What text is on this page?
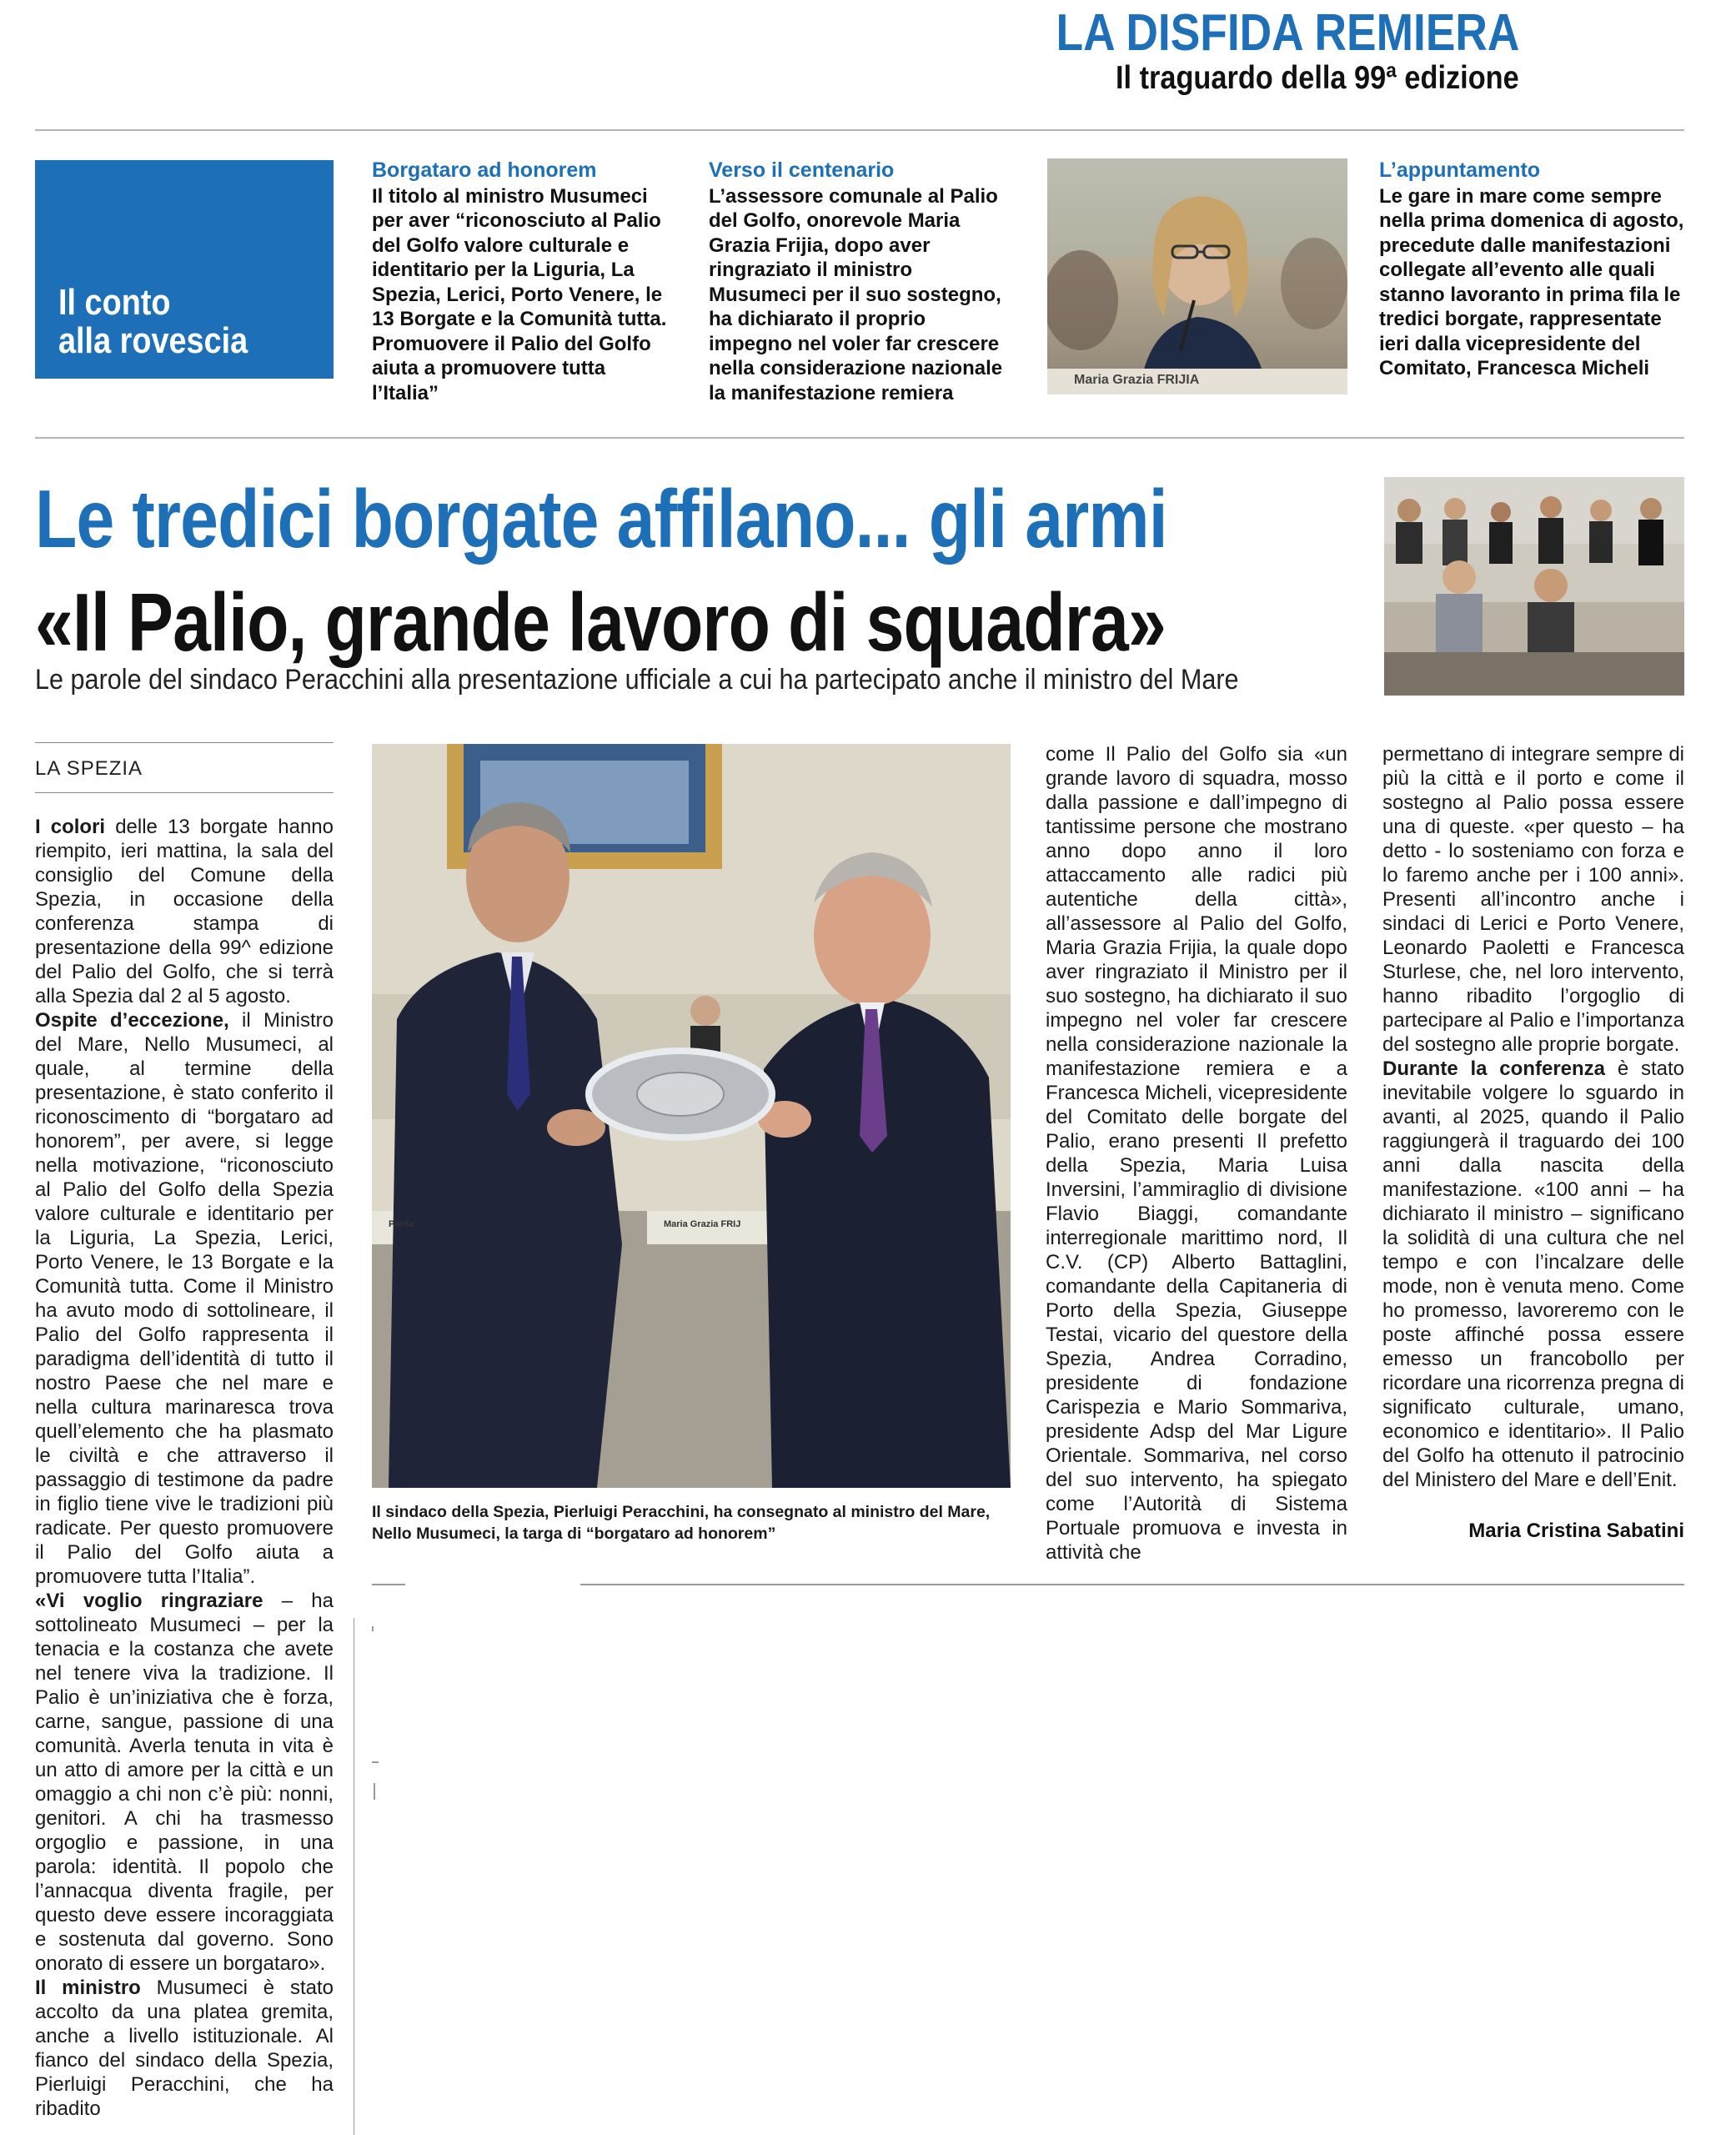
LA DISFIDA REMIERA
Il traguardo della 99ª edizione
Il conto
alla rovescia
Borgataro ad honorem
Il titolo al ministro Musumeci per aver “riconosciuto al Palio del Golfo valore culturale e identitario per la Liguria, La Spezia, Lerici, Porto Venere, le 13 Borgate e la Comunità tutta. Promuovere il Palio del Golfo aiuta a promuovere tutta l’Italia”
Verso il centenario
L’assessore comunale al Palio del Golfo, onorevole Maria Grazia Frijia, dopo aver ringraziato il ministro Musumeci per il suo sostegno, ha dichiarato il proprio impegno nel voler far crescere nella considerazione nazionale la manifestazione remiera
Maria Grazia FRIJIA
L’appuntamento
Le gare in mare come sempre nella prima domenica di agosto, precedute dalle manifestazioni collegate all’evento alle quali stanno lavoranto in prima fila le tredici borgate, rappresentate ieri dalla vicepresidente del Comitato, Francesca Micheli
Le tredici borgate affilano... gli armi
«Il Palio, grande lavoro di squadra»
Le parole del sindaco Peracchini alla presentazione ufficiale a cui ha partecipato anche il ministro del Mare
LA SPEZIA

I colori delle 13 borgate hanno riempito, ieri mattina, la sala del consiglio del Comune della Spezia, in occasione della conferenza stampa di presentazione della 99^ edizione del Palio del Golfo, che si terrà alla Spezia dal 2 al 5 agosto.

Ospite d’eccezione, il Ministro del Mare, Nello Musumeci, al quale, al termine della presentazione, è stato conferito il riconoscimento di “borgataro ad honorem”, per avere, si legge nella motivazione, “riconosciuto al Palio del Golfo della Spezia valore culturale e identitario per la Liguria, La Spezia, Lerici, Porto Venere, le 13 Borgate e la Comunità tutta. Come il Ministro ha avuto modo di sottolineare, il Palio del Golfo rappresenta il paradigma dell’identità di tutto il nostro Paese che nel mare e nella cultura marinaresca trova quell’elemento che ha plasmato le civiltà e che attraverso il passaggio di testimone da padre in figlio tiene vive le tradizioni più radicate. Per questo promuovere il Palio del Golfo aiuta a promuovere tutta l’Italia”.

«Vi voglio ringraziare – ha sottolineato Musumeci – per la tenacia e la costanza che avete nel tenere viva la tradizione. Il Palio è un’iniziativa che è forza, carne, sangue, passione di una comunità. Averla tenuta in vita è un atto di amore per la città e un omaggio a chi non c’è più: nonni, genitori. A chi ha trasmesso orgoglio e passione, in una parola: identità. Il popolo che l’annacqua diventa fragile, per questo deve essere incoraggiata e sostenuta dal governo. Sono onorato di essere un borgataro».

Il ministro Musumeci è stato accolto da una platea gremita, anche a livello istituzionale. Al fianco del sindaco della Spezia, Pierluigi Peracchini, che ha ribadito

Pierlu	Maria Grazia FRIJ
Il sindaco della Spezia, Pierluigi Peracchini, ha consegnato al ministro del Mare, Nello Musumeci, la targa di “borgataro ad honorem”

come Il Palio del Golfo sia «un grande lavoro di squadra, mosso dalla passione e dall’impegno di tantissime persone che mostrano anno dopo anno il loro attaccamento alle radici più autentiche della città», all’assessore al Palio del Golfo, Maria Grazia Frijia, la quale dopo aver ringraziato il Ministro per il suo sostegno, ha dichiarato il suo impegno nel voler far crescere nella considerazione nazionale la manifestazione remiera e a Francesca Micheli, vicepresidente del Comitato delle borgate del Palio, erano presenti Il prefetto della Spezia, Maria Luisa Inversini, l’ammiraglio di divisione Flavio Biaggi, comandante interregionale marittimo nord, Il C.V. (CP) Alberto Battaglini, comandante della Capitaneria di Porto della Spezia, Giuseppe Testai, vicario del questore della Spezia, Andrea Corradino, presidente di fondazione Carispezia e Mario Sommariva, presidente Adsp del Mar Ligure Orientale. Sommariva, nel corso del suo intervento, ha spiegato come l’Autorità di Sistema Portuale promuova e investa in attività che

permettano di integrare sempre di più la città e il porto e come il sostegno al Palio possa essere una di queste. «per questo – ha detto - lo sosteniamo con forza e lo faremo anche per i 100 anni». Presenti all’incontro anche i sindaci di Lerici e Porto Venere, Leonardo Paoletti e Francesca Sturlese, che, nel loro intervento, hanno ribadito l’orgoglio di partecipare al Palio e l’importanza del sostegno alle proprie borgate.

Durante la conferenza è stato inevitabile volgere lo sguardo in avanti, al 2025, quando il Palio raggiungerà il traguardo dei 100 anni dalla nascita della manifestazione. «100 anni – ha dichiarato il ministro – significano la solidità di una cultura che nel tempo e con l’incalzare delle mode, non è venuta meno. Come ho promesso, lavoreremo con le poste affinché possa essere emesso un francobollo per ricordare una ricorrenza pregna di significato culturale, umano, economico e identitario». Il Palio del Golfo ha ottenuto il patrocinio del Ministero del Mare e dell’Enit.

Maria Cristina Sabatini
